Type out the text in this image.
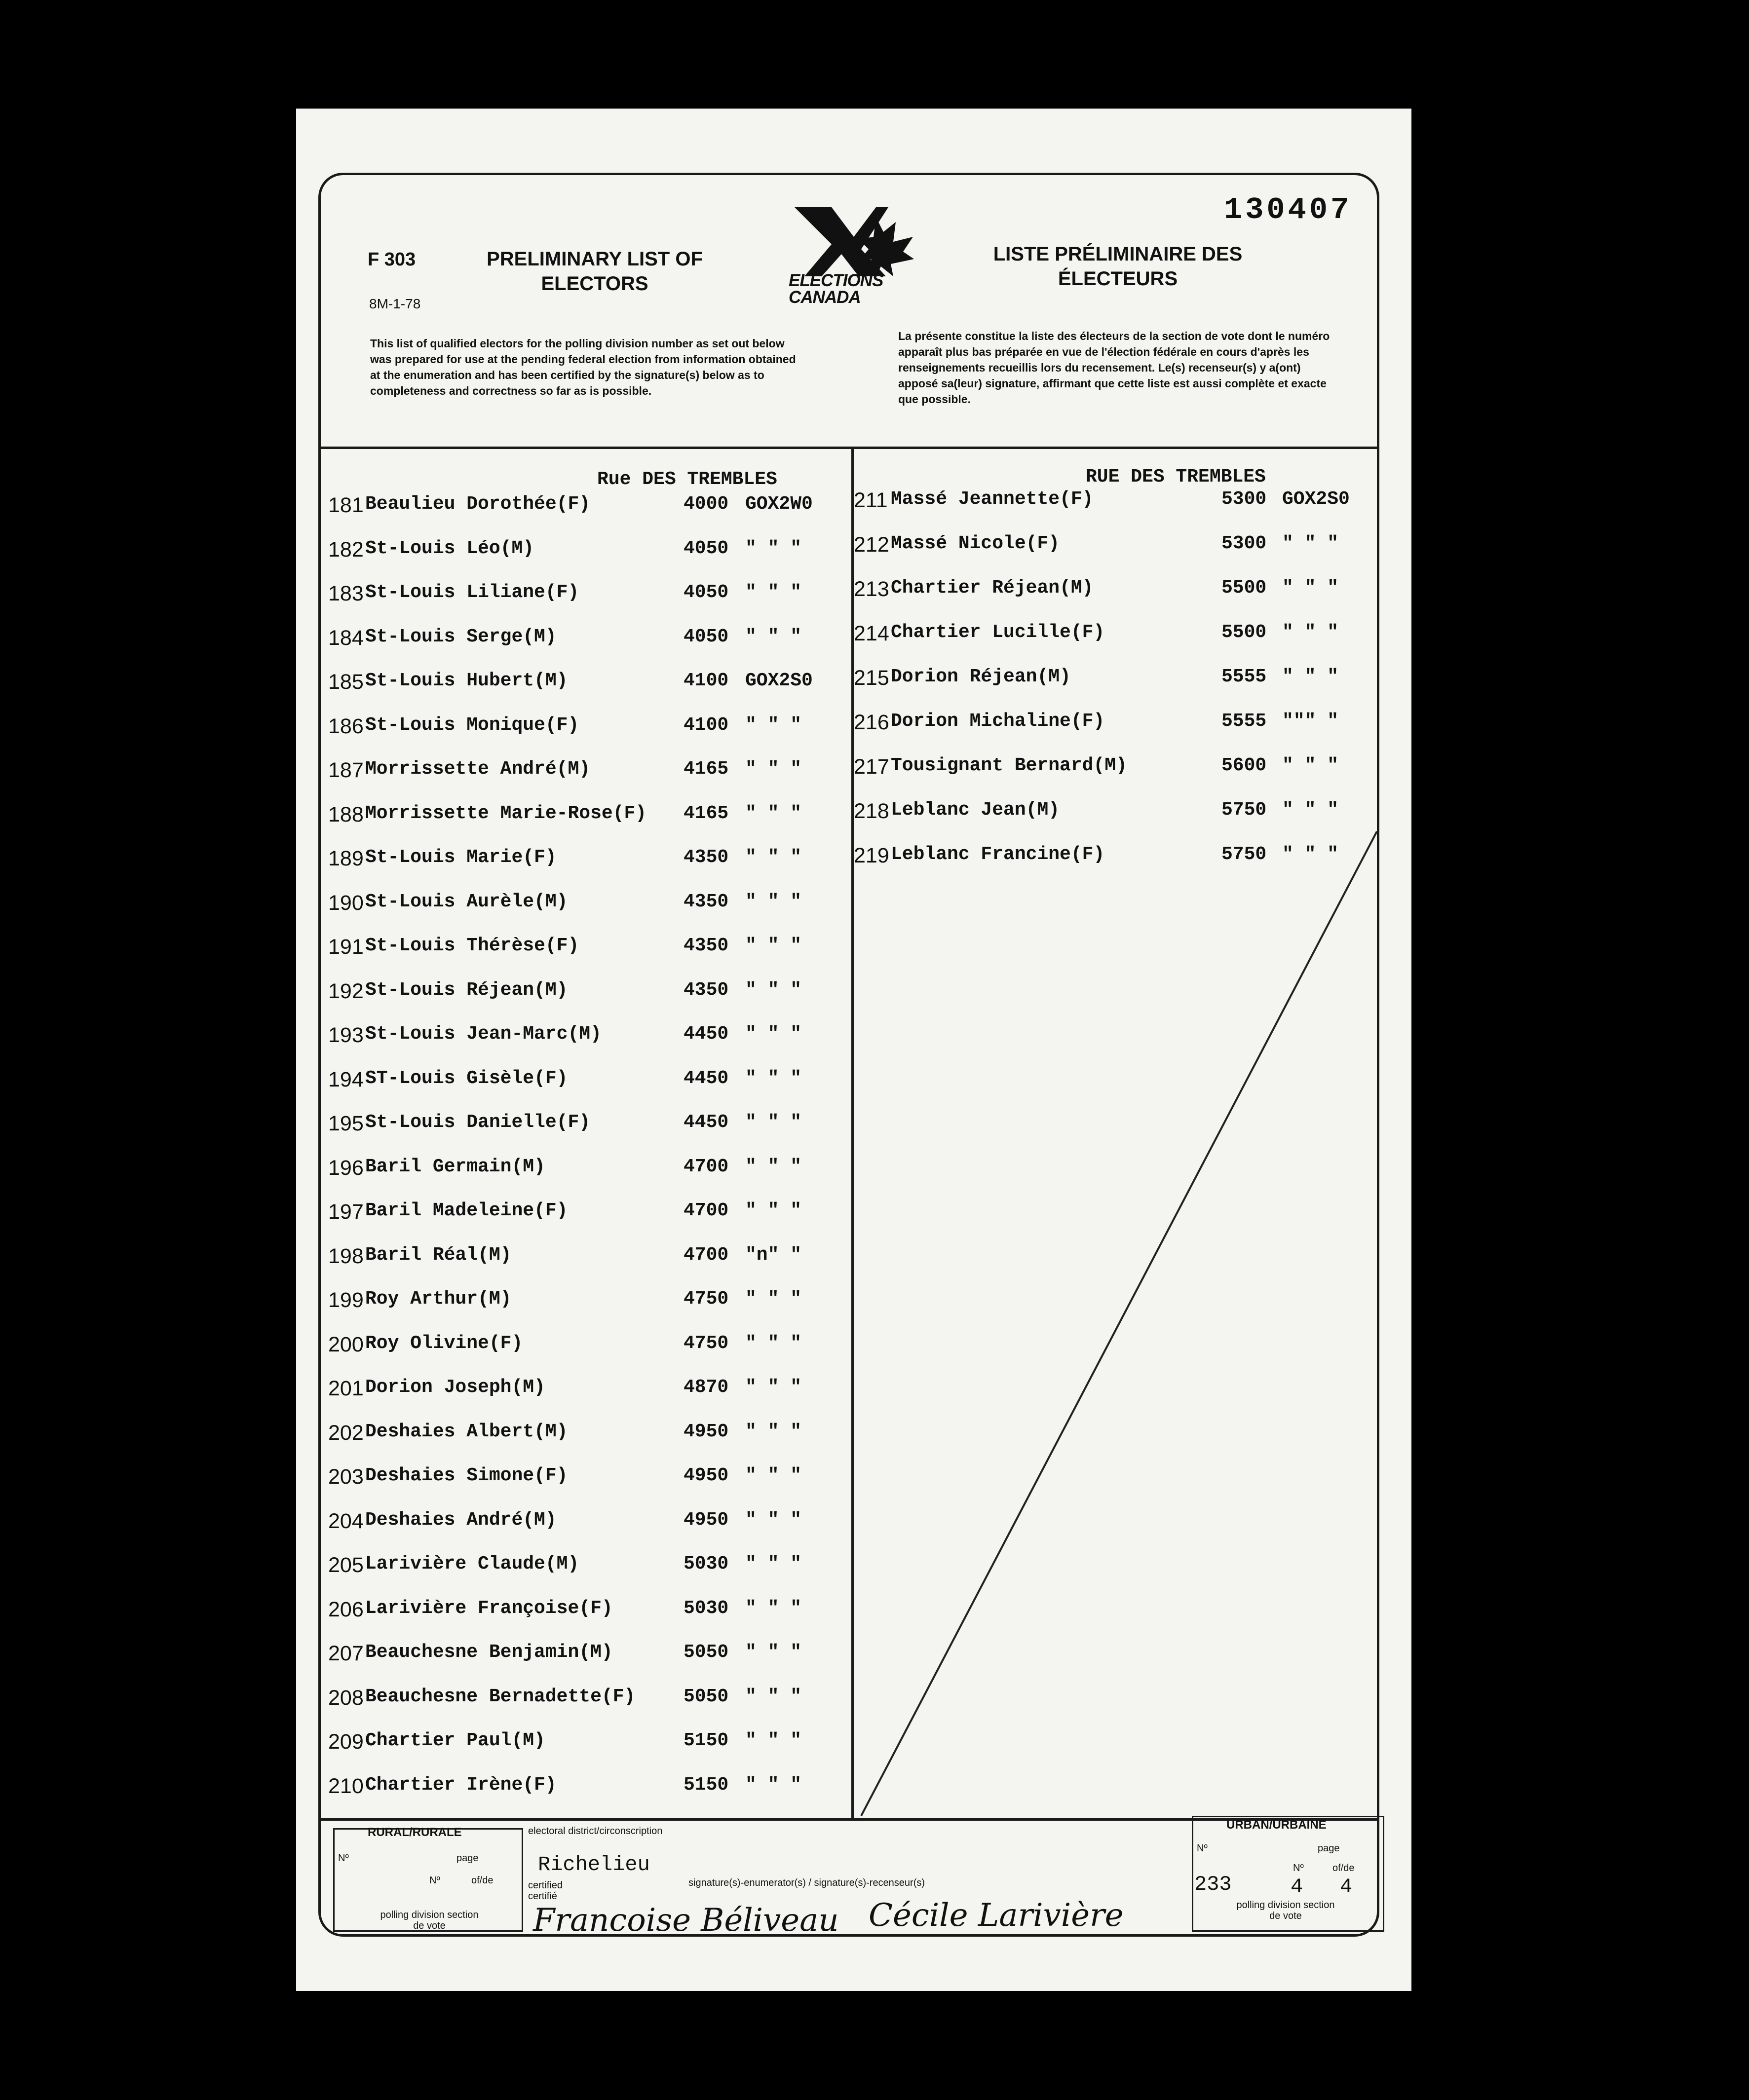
130407
F 303
8M-1-78
PRELIMINARY LIST OF ELECTORS
LISTE PRÉLIMINAIRE DES ÉLECTEURS
ELECTIONS
CANADA
This list of qualified electors for the polling division number as set out below was prepared for use at the pending federal election from information obtained at the enumeration and has been certified by the signature(s) below as to completeness and correctness so far as is possible.
La présente constitue la liste des électeurs de la section de vote dont le numéro apparaît plus bas préparée en vue de l'élection fédérale en cours d'après les renseignements recueillis lors du recensement. Le(s) recenseur(s) y a(ont) apposé sa(leur) signature, affirmant que cette liste est aussi complète et exacte que possible.
Rue DES TREMBLES	RUE DES TREMBLES
181 Beaulieu Dorothée(F)	4000 GOX2W0
182 St-Louis Léo(M)	4050 " " "
183 St-Louis Liliane(F)	4050 " " "
184 St-Louis Serge(M)	4050 " " "
185 St-Louis Hubert(M)	4100 GOX2S0
186 St-Louis Monique(F)	4100 " " "
187 Morrissette André(M)	4165 " " "
188 Morrissette Marie-Rose(F) 4165 " " "
189 St-Louis Marie(F)	4350 " " "
190 St-Louis Aurèle(M)	4350 " " "
191 St-Louis Thérèse(F)	4350 " " "
192 St-Louis Réjean(M)	4350 " " "
193 St-Louis Jean-Marc(M)	4450 " " "
194 ST-Louis Gisèle(F)	4450 " " "
195 St-Louis Danielle(F)	4450 " " "
196 Baril Germain(M)	4700 " " "
197 Baril Madeleine(F)	4700 " " "
198 Baril Réal(M)	4700 "n" "
199 Roy Arthur(M)	4750 " " "
200 Roy Olivine(F)	4750 " " "
201 Dorion Joseph(M)	4870 " " "
202 Deshaies Albert(M)	4950 " " "
203 Deshaies Simone(F)	4950 " " "
204 Deshaies André(M)	4950 " " "
205 Larivière Claude(M)	5030 " " "
206 Larivière Françoise(F)	5030 " " "
207 Beauchesne Benjamin(M)	5050 " " "
208 Beauchesne Bernadette(F)	5050 " " "
209 Chartier Paul(M)	5150 " " "
210 Chartier Irène(F)	5150 " " "
211 Massé Jeannette(F)	5300 GOX2S0
212 Massé Nicole(F)	5300 " " "
213 Chartier Réjean(M)	5500 " " "
214 Chartier Lucille(F)	5500 " " "
215 Dorion Réjean(M)	5555 " " "
216 Dorion Michaline(F)	5555 """ "
217 Tousignant Bernard(M)	5600 " " "
218 Leblanc Jean(M)	5750 " " "
219 Leblanc Francine(F)	5750 " " "
RURAL/RURALE
Nº	page
Nº	of/de
polling division section de vote
electoral district/circonscription
Richelieu
certified certifié
signature(s)-enumerator(s) / signature(s)-recenseur(s)
Francoise Béliveau Cécile Larivière
URBAN/URBAINE
Nº	page
Nº	of/de
233	4 4
polling division section de vote
